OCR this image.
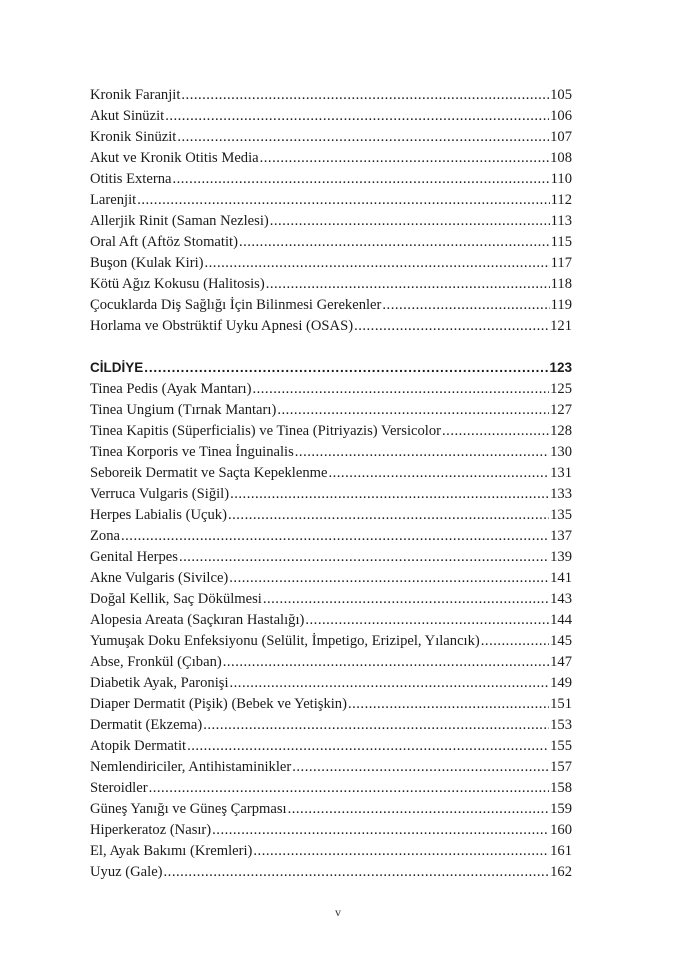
Kronik Faranjit .....	105
Akut Sinüzit .....	106
Kronik Sinüzit .....	107
Akut ve Kronik Otitis Media .....	108
Otitis Externa .....	110
Larenjit .....	112
Allerjik Rinit (Saman Nezlesi) .....	113
Oral Aft (Aftöz Stomatit) .....	115
Buşon (Kulak Kiri) .....	117
Kötü Ağız Kokusu (Halitosis) .....	118
Çocuklarda Diş Sağlığı İçin Bilinmesi Gerekenler .....	119
Horlama ve Obstrüktif Uyku Apnesi (OSAS) .....	121
CİLDİYE .....	123
Tinea Pedis (Ayak Mantarı) .....	125
Tinea Ungium (Tırnak Mantarı) .....	127
Tinea Kapitis (Süperficialis) ve Tinea (Pitriyazis) Versicolor .....	128
Tinea Korporis ve Tinea İnguinalis .....	130
Seboreik Dermatit ve Saçta Kepeklenme .....	131
Verruca Vulgaris (Siğil) .....	133
Herpes Labialis (Uçuk) .....	135
Zona .....	137
Genital Herpes .....	139
Akne Vulgaris (Sivilce) .....	141
Doğal Kellik, Saç Dökülmesi .....	143
Alopesia Areata (Saçkıran Hastalığı) .....	144
Yumuşak Doku Enfeksiyonu (Selülit, İmpetigo, Erizipel, Yılancık) .....	145
Abse, Fronkül (Çıban) .....	147
Diabetik Ayak, Paronişi .....	149
Diaper Dermatit (Pişik) (Bebek ve Yetişkin) .....	151
Dermatit (Ekzema) .....	153
Atopik Dermatit .....	155
Nemlendiriciler, Antihistaminikler .....	157
Steroidler .....	158
Güneş Yanığı ve Güneş Çarpması .....	159
Hiperkeratoz (Nasır) .....	160
El, Ayak Bakımı (Kremleri) .....	161
Uyuz (Gale) .....	162
v
